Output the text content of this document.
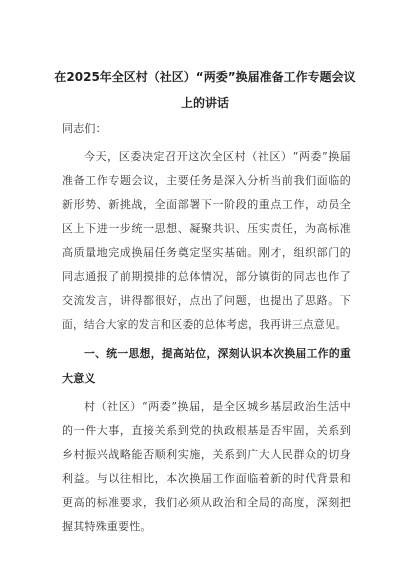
在2025年全区村（社区）“两委”换届准备工作专题会议
上的讲话
同志们：
今天，区委决定召开这次全区村（社区）“两委”换届
准备工作专题会议，主要任务是深入分析当前我们面临的
新形势、新挑战，全面部署下一阶段的重点工作，动员全
区上下进一步统一思想、凝聚共识、压实责任，为高标准
高质量地完成换届任务奠定坚实基础。刚才，组织部门的
同志通报了前期摸排的总体情况，部分镇街的同志也作了
交流发言，讲得都很好，点出了问题，也提出了思路。下
面，结合大家的发言和区委的总体考虑，我再讲三点意见。
一、统一思想，提高站位，深刻认识本次换届工作的重
大意义
村（社区）“两委”换届，是全区城乡基层政治生活中
的一件大事，直接关系到党的执政根基是否牢固，关系到
乡村振兴战略能否顺利实施，关系到广大人民群众的切身
利益。与以往相比，本次换届工作面临着新的时代背景和
更高的标准要求，我们必须从政治和全局的高度，深刻把
握其特殊重要性。
